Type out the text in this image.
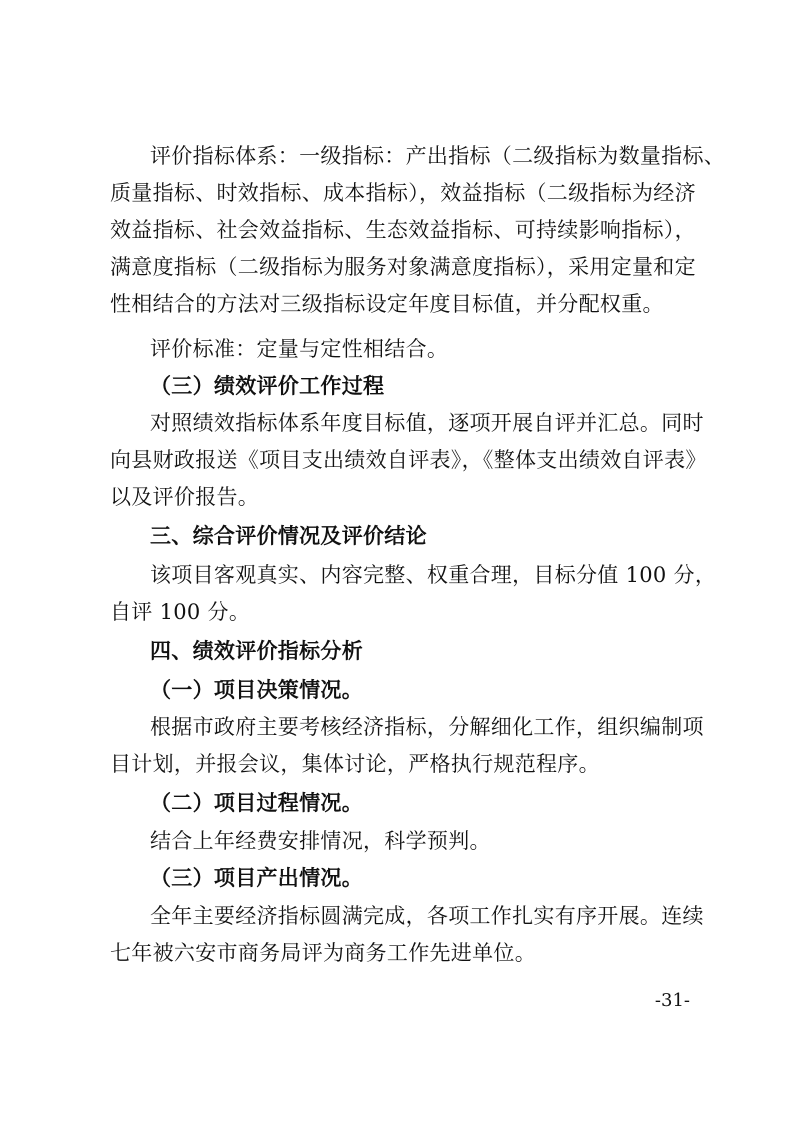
评价指标体系：一级指标：产出指标（二级指标为数量指标、
质量指标、时效指标、成本指标），效益指标（二级指标为经济
效益指标、社会效益指标、生态效益指标、可持续影响指标），
满意度指标（二级指标为服务对象满意度指标），采用定量和定
性相结合的方法对三级指标设定年度目标值，并分配权重。
评价标准：定量与定性相结合。
（三）绩效评价工作过程
对照绩效指标体系年度目标值，逐项开展自评并汇总。同时
向县财政报送《项目支出绩效自评表》，《整体支出绩效自评表》
以及评价报告。
三、综合评价情况及评价结论
该项目客观真实、内容完整、权重合理，目标分值 100 分，
自评 100 分。
四、绩效评价指标分析
（一）项目决策情况。
根据市政府主要考核经济指标，分解细化工作，组织编制项
目计划，并报会议，集体讨论，严格执行规范程序。
（二）项目过程情况。
结合上年经费安排情况，科学预判。
（三）项目产出情况。
全年主要经济指标圆满完成，各项工作扎实有序开展。连续
七年被六安市商务局评为商务工作先进单位。
-31-
